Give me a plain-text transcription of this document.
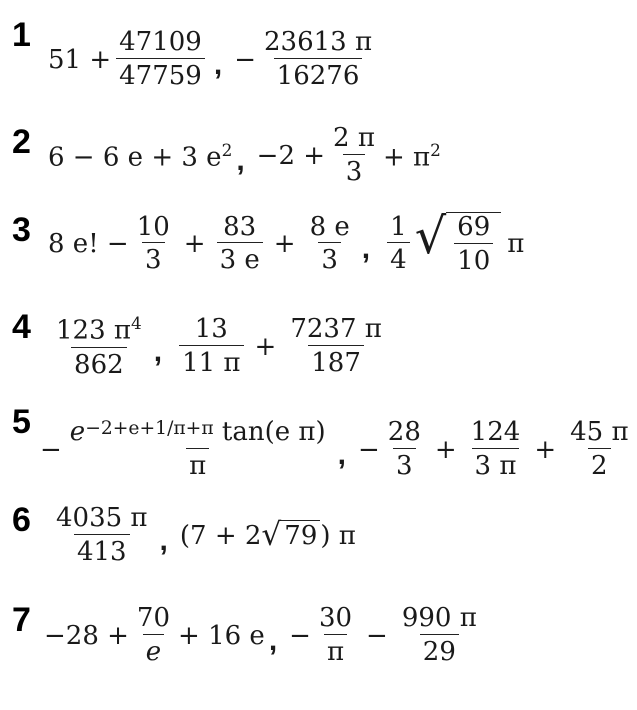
1
$51 + \frac{47109}{47759}$ , − $\frac{23613 \pi}{16276}$
2 6 − 6 e + 3 $e^2$ , $-2 + \frac{2 \pi}{3} + \pi^2$
3 8 e! − $\frac{10}{3} + \frac{83}{3 e} + \frac{8 e}{3}$ , $\frac{1}{4}$ √ $\frac{69}{10}$ π
$4 \frac{123 \pi^4}{862}$ , $\frac{13}{11 \pi} + \frac{7237 \pi}{187}$
5
− $\frac{e^{-2+e+1/\pi+\pi} \tan(e \pi)}{\pi}$ , − $\frac{28}{3} + \frac{124}{3 \pi} + \frac{45 \pi}{2}$
$6 \frac{4035 \pi}{413}$ , (7 + 2 √ 79 ) π
$7 -28 + \frac{70}{e} + 16$ e , − $\frac{30}{\pi} - \frac{990 \pi}{29}$
